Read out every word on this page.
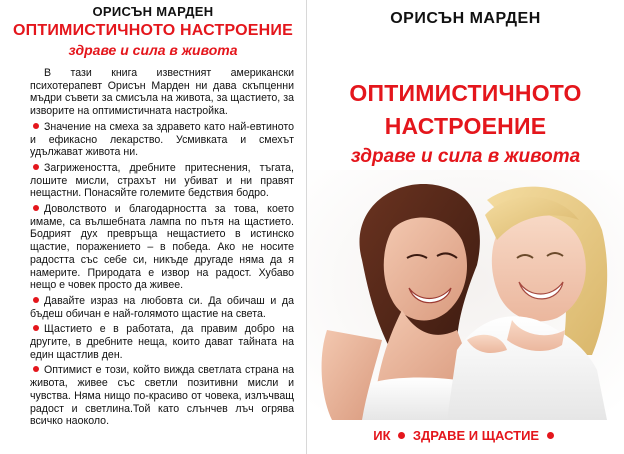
ОРИСЪН МАРДЕН
ОПТИМИСТИЧНОТО НАСТРОЕНИЕ
здраве и сила в живота

В тази книга известният американски психотерапевт Орисън Марден ни дава скъпценни мъдри съвети за смисъла на живота, за щастието, за изворите на оптимистичната настройка.

Значение на смеха за здравето като най-евтиното и ефикасно лекарство. Усмивката и смехът удължават живота ни.

Загрижеността, дребните притеснения, тъгата, лошите мисли, страхът ни убиват и ни правят нещастни. Понасяйте големите бедствия бодро.

Доволството и благодарността за това, което имаме, са вълшебната лампа по пътя на щастието. Бодрият дух превръща нещастието в истинско щастие, поражението – в победа. Ако не носите радостта със себе си, никъде другаде няма да я намерите. Природата е извор на радост. Хубаво нещо е човек просто да живее.

Давайте израз на любовта си. Да обичаш и да бъдеш обичан е най-голямото щастие на света.

Щастието е в работата, да правим добро на другите, в дребните неща, които дават тайната на един щастлив ден.

Оптимист е този, който вижда светлата страна на живота, живее със светли позитивни мисли и чувства. Няма нищо по-красиво от човека, излъчващ радост и светлина.Той като слънчев лъч огрява всичко наоколо.

ОРИСЪН МАРДЕН
ОПТИМИСТИЧНОТО
НАСТРОЕНИЕ
здраве и сила в живота
ИК ЗДРАВЕ И ЩАСТИЕ
